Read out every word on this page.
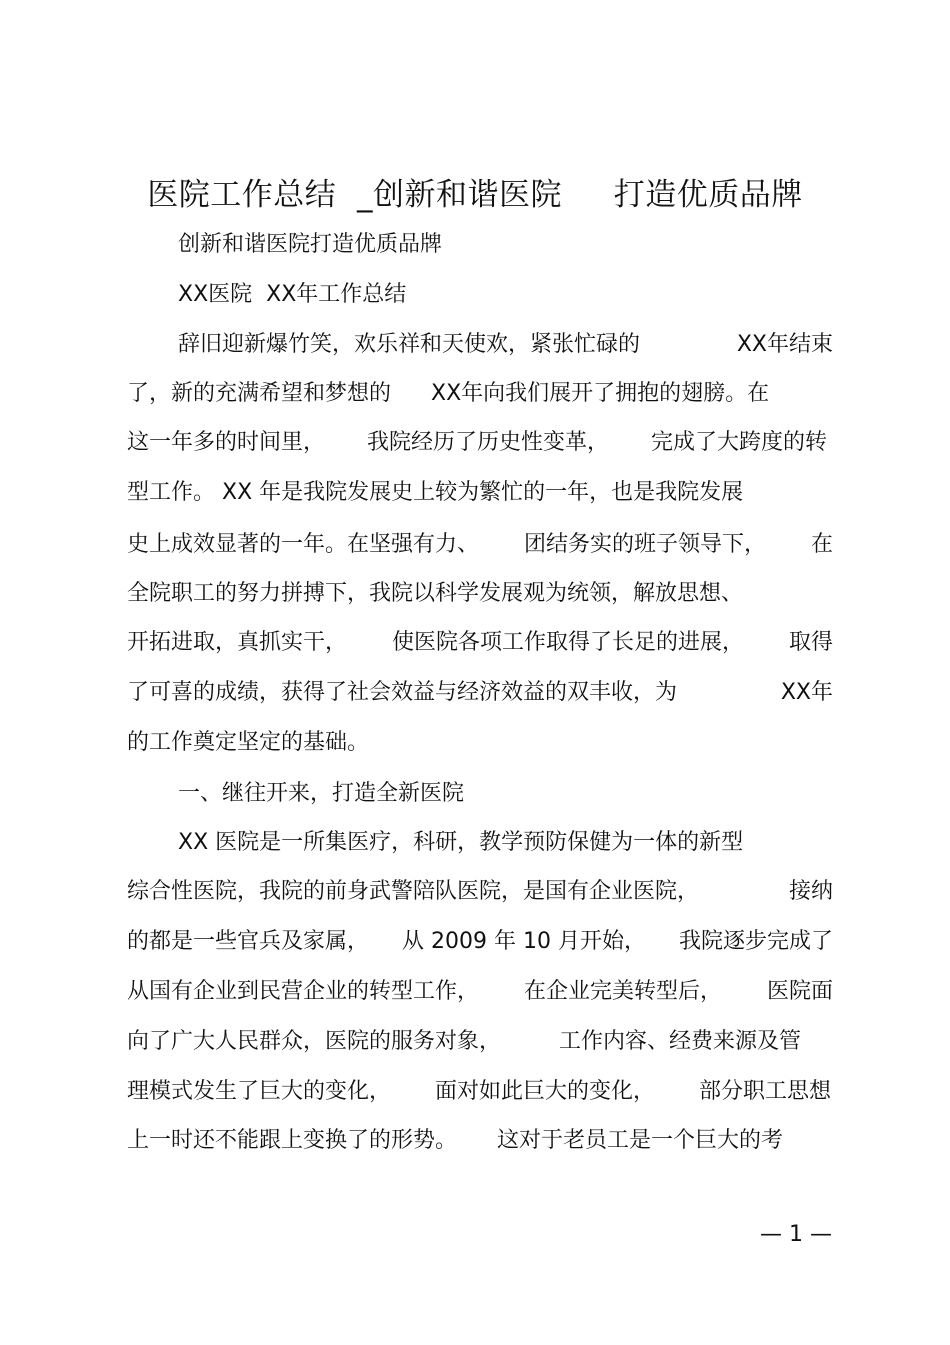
医院工作总结  _创新和谐医院     打造优质品牌
创新和谐医院打造优质品牌
XX医院  XX年工作总结
辞旧迎新爆竹笑，欢乐祥和天使欢，紧张忙碌的	XX年结束
了，新的充满希望和梦想的 XX年向我们展开了拥抱的翅膀。在
这一年多的时间里， 我院经历了历史性变革， 完成了大跨度的转
型工作。 XX 年是我院发展史上较为繁忙的一年，也是我院发展
史上成效显著的一年。在坚强有力、 团结务实的班子领导下， 在
全院职工的努力拼搏下，我院以科学发展观为统领，解放思想、
开拓进取，真抓实干， 使医院各项工作取得了长足的进展， 取得
了可喜的成绩，获得了社会效益与经济效益的双丰收，为	XX年
的工作奠定坚定的基础。
一、继往开来，打造全新医院
XX 医院是一所集医疗，科研，教学预防保健为一体的新型
综合性医院，我院的前身武警陪队医院，是国有企业医院，	接纳
的都是一些官兵及家属， 从 2009 年 10 月开始， 我院逐步完成了
从国有企业到民营企业的转型工作， 在企业完美转型后， 医院面
向了广大人民群众，医院的服务对象，	工作内容、经费来源及管
理模式发生了巨大的变化， 面对如此巨大的变化， 部分职工思想
上一时还不能跟上变换了的形势。 这对于老员工是一个巨大的考
— 1 —
